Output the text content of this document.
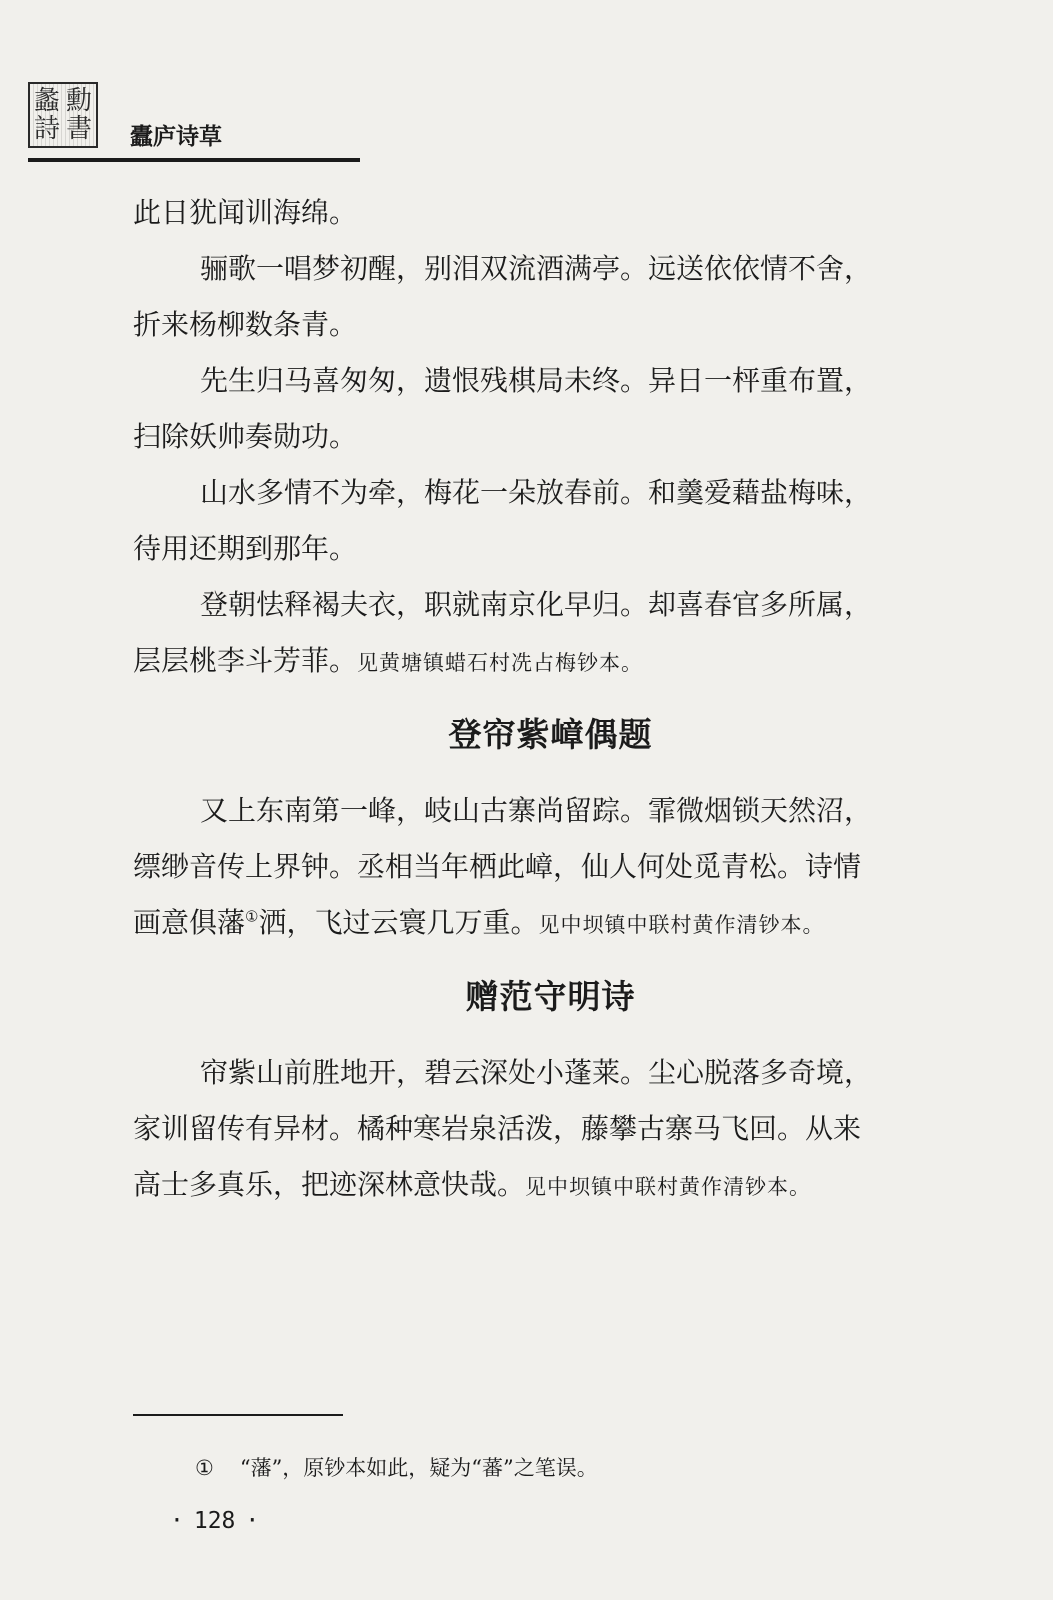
蠡 勳
詩 書 蠹庐诗草

此日犹闻训海绵。

骊歌一唱梦初醒，别泪双流酒满亭。远送依依情不舍，

折来杨柳数条青。

先生归马喜匆匆，遗恨残棋局未终。异日一枰重布置，

扫除妖帅奏勋功。

山水多情不为牵，梅花一朵放春前。和羹爱藉盐梅味，

待用还期到那年。

登朝怯释褐夫衣，职就南京化早归。却喜春官多所属，

层层桃李斗芳菲。见黄塘镇蜡石村冼占梅钞本。

登帘紫嶂偶题

又上东南第一峰，岐山古寨尚留踪。霏微烟锁天然沼，

缥缈音传上界钟。丞相当年栖此嶂，仙人何处觅青松。诗情

画意俱藩①洒，飞过云寰几万重。见中坝镇中联村黄作清钞本。

赠范守明诗

帘紫山前胜地开，碧云深处小蓬莱。尘心脱落多奇境，

家训留传有异材。橘种寒岩泉活泼，藤攀古寨马飞回。从来

高士多真乐，把迹深林意快哉。见中坝镇中联村黄作清钞本。

① “藩”，原钞本如此，疑为“蕃”之笔误。
· 128 ·
